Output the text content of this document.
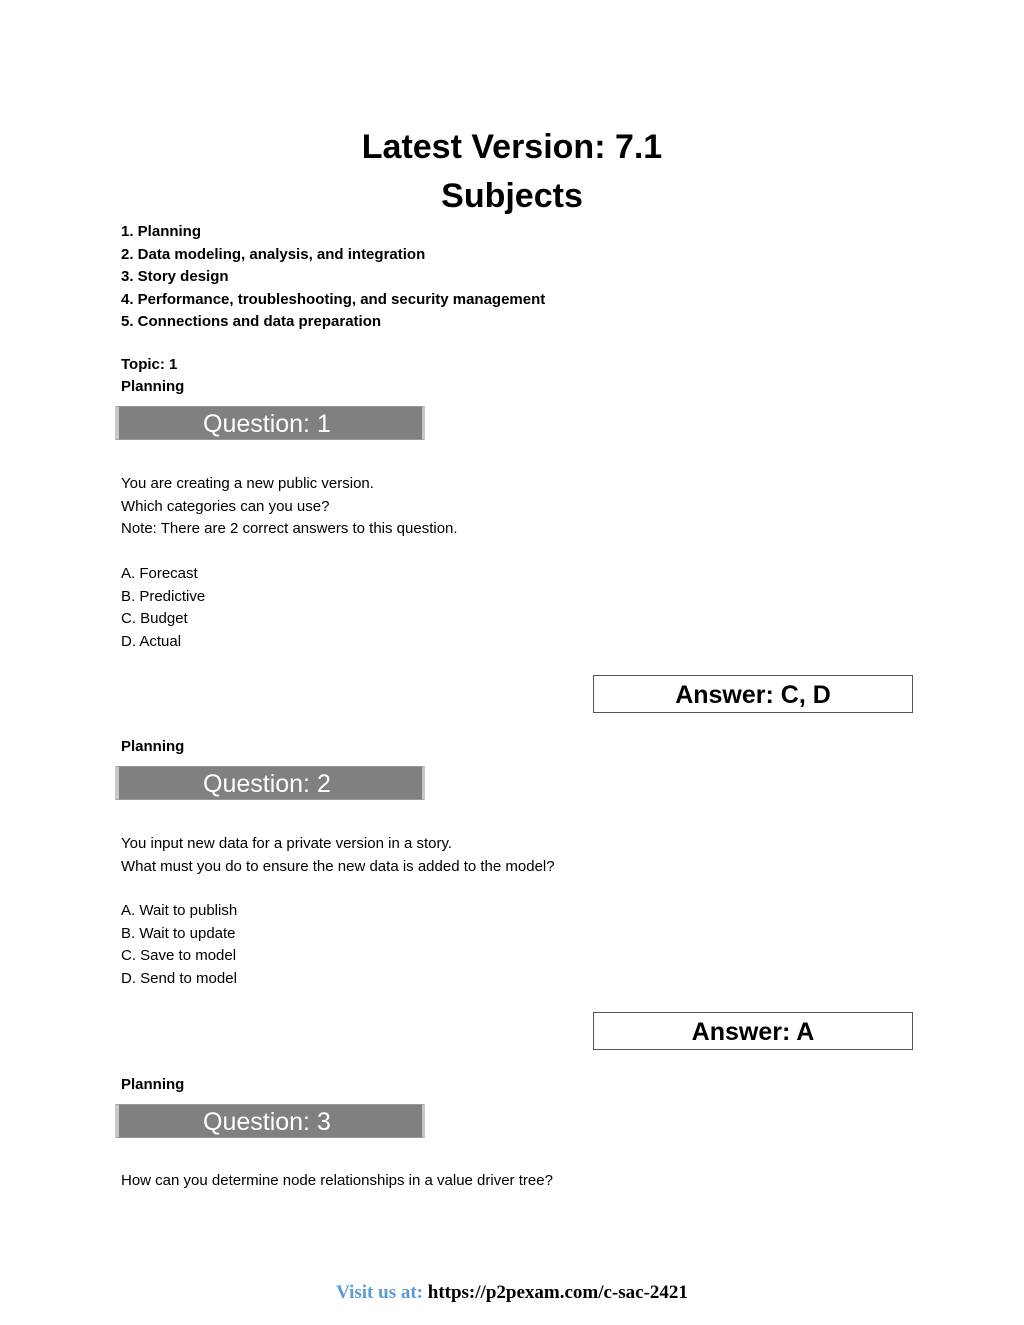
Latest Version: 7.1
Subjects
1. Planning
2. Data modeling, analysis, and integration
3. Story design
4. Performance, troubleshooting, and security management
5. Connections and data preparation
Topic: 1
Planning
Question: 1
You are creating a new public version.
Which categories can you use?
Note: There are 2 correct answers to this question.
A. Forecast
B. Predictive
C. Budget
D. Actual
Answer: C, D
Planning
Question: 2
You input new data for a private version in a story.
What must you do to ensure the new data is added to the model?
A. Wait to publish
B. Wait to update
C. Save to model
D. Send to model
Answer: A
Planning
Question: 3
How can you determine node relationships in a value driver tree?
Visit us at: https://p2pexam.com/c-sac-2421
